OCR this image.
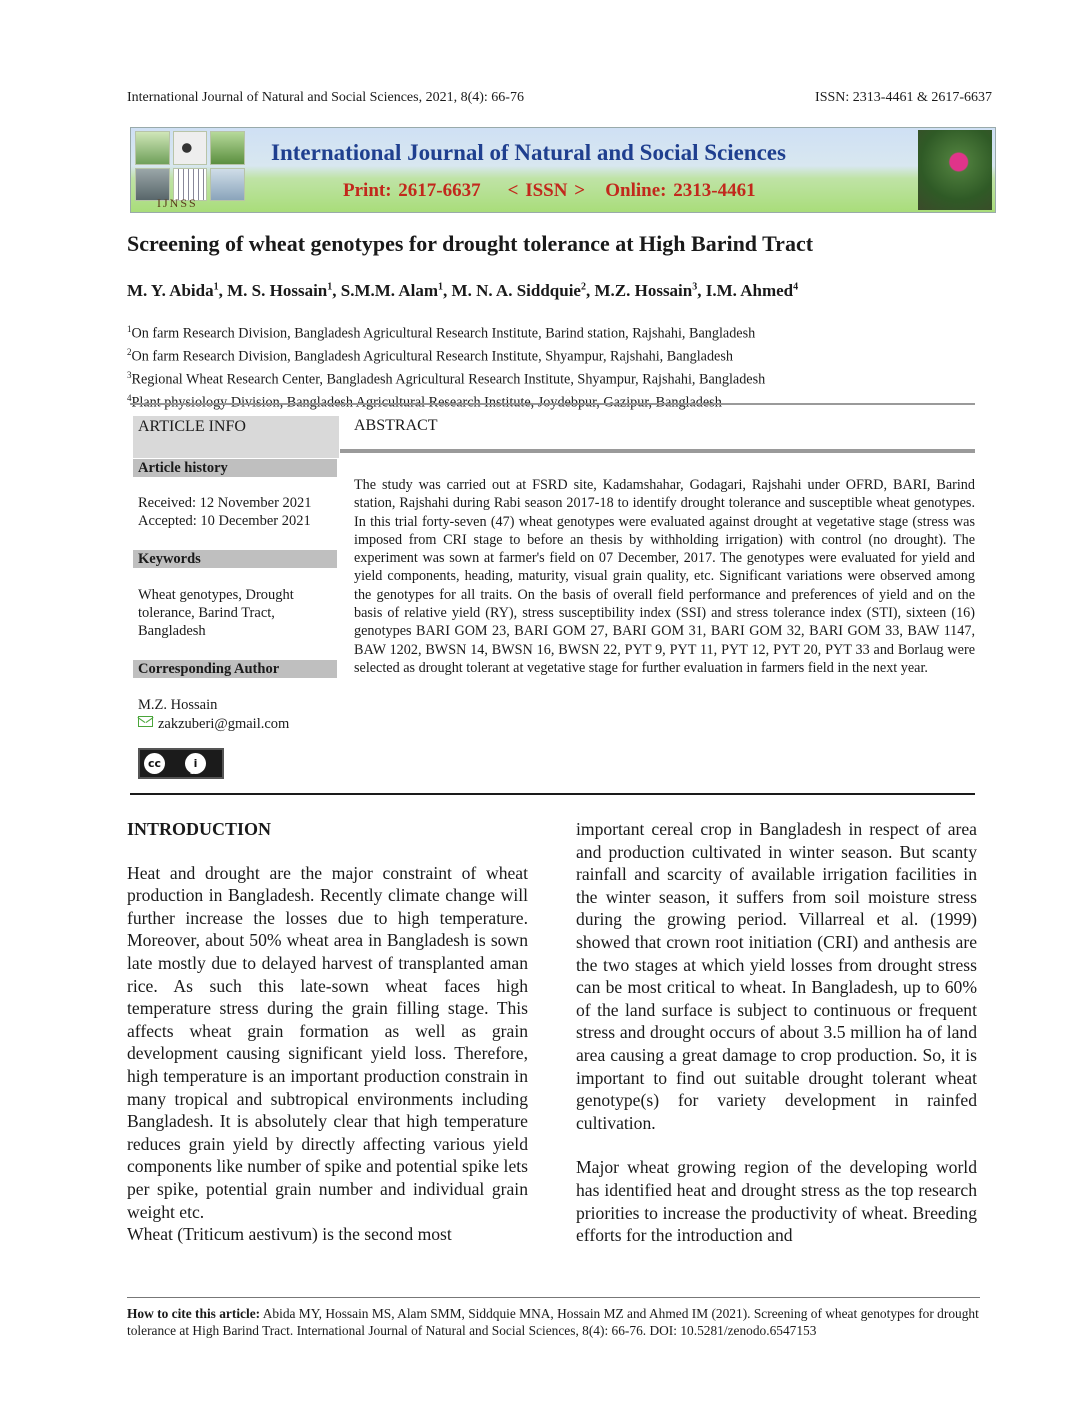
International Journal of Natural and Social Sciences, 2021, 8(4): 66-76	ISSN: 2313-4461 & 2617-6637
IJNSS
International Journal of Natural and Social Sciences
Print: 2617-6637    < ISSN >   Online: 2313-4461
Screening of wheat genotypes for drought tolerance at High Barind Tract
M. Y. Abida$^1$, M. S. Hossain$^1$, S.M.M. Alam$^1$, M. N. A. Siddquie$^2$, M.Z. Hossain$^3$, I.M. Ahmed$^4$
$^1$On farm Research Division, Bangladesh Agricultural Research Institute, Barind station, Rajshahi, Bangladesh
$^2$On farm Research Division, Bangladesh Agricultural Research Institute, Shyampur, Rajshahi, Bangladesh
$^3$Regional Wheat Research Center, Bangladesh Agricultural Research Institute, Shyampur, Rajshahi, Bangladesh
$^4$Plant physiology Division, Bangladesh Agricultural Research Institute, Joydebpur, Gazipur, Bangladesh
ARTICLE INFO
Article history
Received: 12 November 2021
Accepted: 10 December 2021
Keywords
Wheat genotypes, Drought
tolerance, Barind Tract,
Bangladesh
Corresponding Author
M.Z. Hossain
zakzuberi@gmail.com
cc	i
BY
ABSTRACT
The study was carried out at FSRD site, Kadamshahar, Godagari, Rajshahi under OFRD, BARI, Barind station, Rajshahi during Rabi season 2017-18 to identify drought tolerance and susceptible wheat genotypes. In this trial forty-seven (47) wheat genotypes were evaluated against drought at vegetative stage (stress was imposed from CRI stage to before an thesis by withholding irrigation) with control (no drought). The experiment was sown at farmer's field on 07 December, 2017. The genotypes were evaluated for yield and yield components, heading, maturity, visual grain quality, etc. Significant variations were observed among the genotypes for all traits. On the basis of overall field performance and preferences of yield and on the basis of relative yield (RY), stress susceptibility index (SSI) and stress tolerance index (STI), sixteen (16) genotypes BARI GOM 23, BARI GOM 27, BARI GOM 31, BARI GOM 32, BARI GOM 33, BAW 1147, BAW 1202, BWSN 14, BWSN 16, BWSN 22, PYT 9, PYT 11, PYT 12, PYT 20, PYT 33 and Borlaug were selected as drought tolerant at vegetative stage for further evaluation in farmers field in the next year.
INTRODUCTION

Heat and drought are the major constraint of wheat production in Bangladesh. Recently climate change will further increase the losses due to high temperature. Moreover, about 50% wheat area in Bangladesh is sown late mostly due to delayed harvest of transplanted aman rice. As such this late-sown wheat faces high temperature stress during the grain filling stage. This affects wheat grain formation as well as grain development causing significant yield loss. Therefore, high temperature is an important production constrain in many tropical and subtropical environments including Bangladesh. It is absolutely clear that high temperature reduces grain yield by directly affecting various yield components like number of spike and potential spike lets per spike, potential grain number and individual grain weight etc.

Wheat (Triticum aestivum) is the second most

important cereal crop in Bangladesh in respect of area and production cultivated in winter season. But scanty rainfall and scarcity of available irrigation facilities in the winter season, it suffers from soil moisture stress during the growing period. Villarreal et al. (1999) showed that crown root initiation (CRI) and anthesis are the two stages at which yield losses from drought stress can be most critical to wheat. In Bangladesh, up to 60% of the land surface is subject to continuous or frequent stress and drought occurs of about 3.5 million ha of land area causing a great damage to crop production. So, it is important to find out suitable drought tolerant wheat genotype(s) for variety development in rainfed cultivation.

Major wheat growing region of the developing world has identified heat and drought stress as the top research priorities to increase the productivity of wheat. Breeding efforts for the introduction and

How to cite this article: Abida MY, Hossain MS, Alam SMM, Siddquie MNA, Hossain MZ and Ahmed IM (2021). Screening of wheat genotypes for drought tolerance at High Barind Tract. International Journal of Natural and Social Sciences, 8(4): 66-76. DOI: 10.5281/zenodo.6547153
